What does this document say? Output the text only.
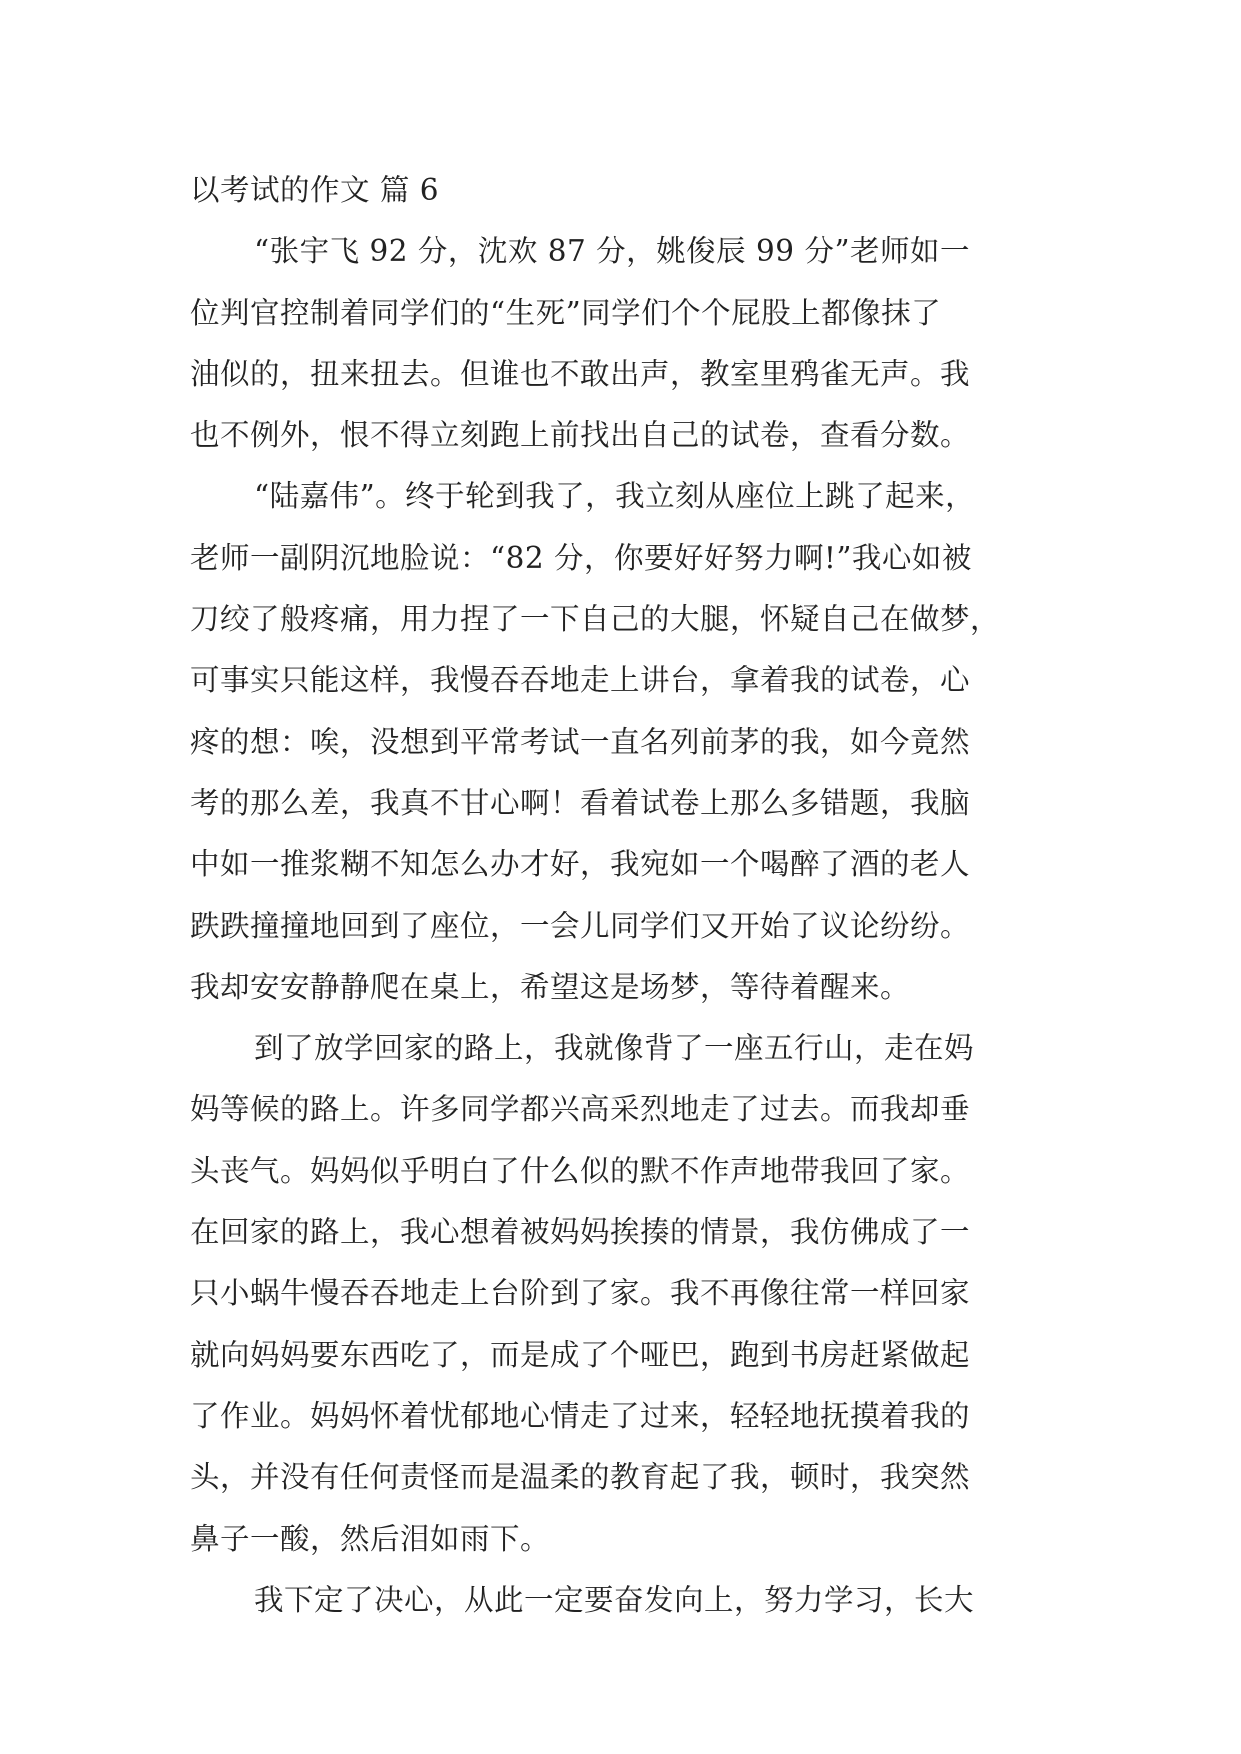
以考试的作文 篇 6
“张宇飞 92 分，沈欢 87 分，姚俊辰 99 分”老师如一
位判官控制着同学们的“生死”同学们个个屁股上都像抹了
油似的，扭来扭去。但谁也不敢出声，教室里鸦雀无声。我
也不例外，恨不得立刻跑上前找出自己的试卷，查看分数。
“陆嘉伟”。终于轮到我了，我立刻从座位上跳了起来，
老师一副阴沉地脸说：“82 分，你要好好努力啊!”我心如被
刀绞了般疼痛，用力捏了一下自己的大腿，怀疑自己在做梦，
可事实只能这样，我慢吞吞地走上讲台，拿着我的试卷，心
疼的想：唉，没想到平常考试一直名列前茅的我，如今竟然
考的那么差，我真不甘心啊！看着试卷上那么多错题，我脑
中如一推浆糊不知怎么办才好，我宛如一个喝醉了酒的老人
跌跌撞撞地回到了座位，一会儿同学们又开始了议论纷纷。
我却安安静静爬在桌上，希望这是场梦，等待着醒来。
到了放学回家的路上，我就像背了一座五行山，走在妈
妈等候的路上。许多同学都兴高采烈地走了过去。而我却垂
头丧气。妈妈似乎明白了什么似的默不作声地带我回了家。
在回家的路上，我心想着被妈妈挨揍的情景，我仿佛成了一
只小蜗牛慢吞吞地走上台阶到了家。我不再像往常一样回家
就向妈妈要东西吃了，而是成了个哑巴，跑到书房赶紧做起
了作业。妈妈怀着忧郁地心情走了过来，轻轻地抚摸着我的
头，并没有任何责怪而是温柔的教育起了我，顿时，我突然
鼻子一酸，然后泪如雨下。
我下定了决心，从此一定要奋发向上，努力学习，长大
